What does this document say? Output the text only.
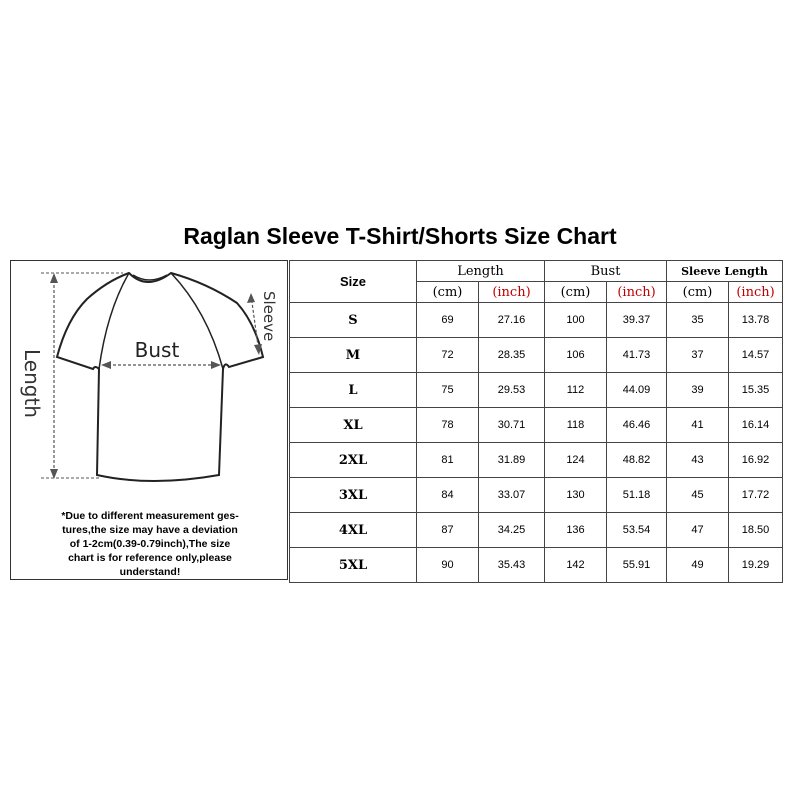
Raglan Sleeve T-Shirt/Shorts Size Chart
Length	Bust
Sleeve
*Due to different measurement ges-
tures,the size may have a deviation
of 1-2cm(0.39-0.79inch),The size
chart is for reference only,please
understand!
Size	Length		Bust		Sleeve Length	
	(cm)	(inch)	(cm)	(inch)	(cm)	(inch)
S	69	27.16	100	39.37	35	13.78
M	72	28.35	106	41.73	37	14.57
L	75	29.53	112	44.09	39	15.35
XL	78	30.71	118	46.46	41	16.14
2XL	81	31.89	124	48.82	43	16.92
3XL	84	33.07	130	51.18	45	17.72
4XL	87	34.25	136	53.54	47	18.50
5XL	90	35.43	142	55.91	49	19.29
